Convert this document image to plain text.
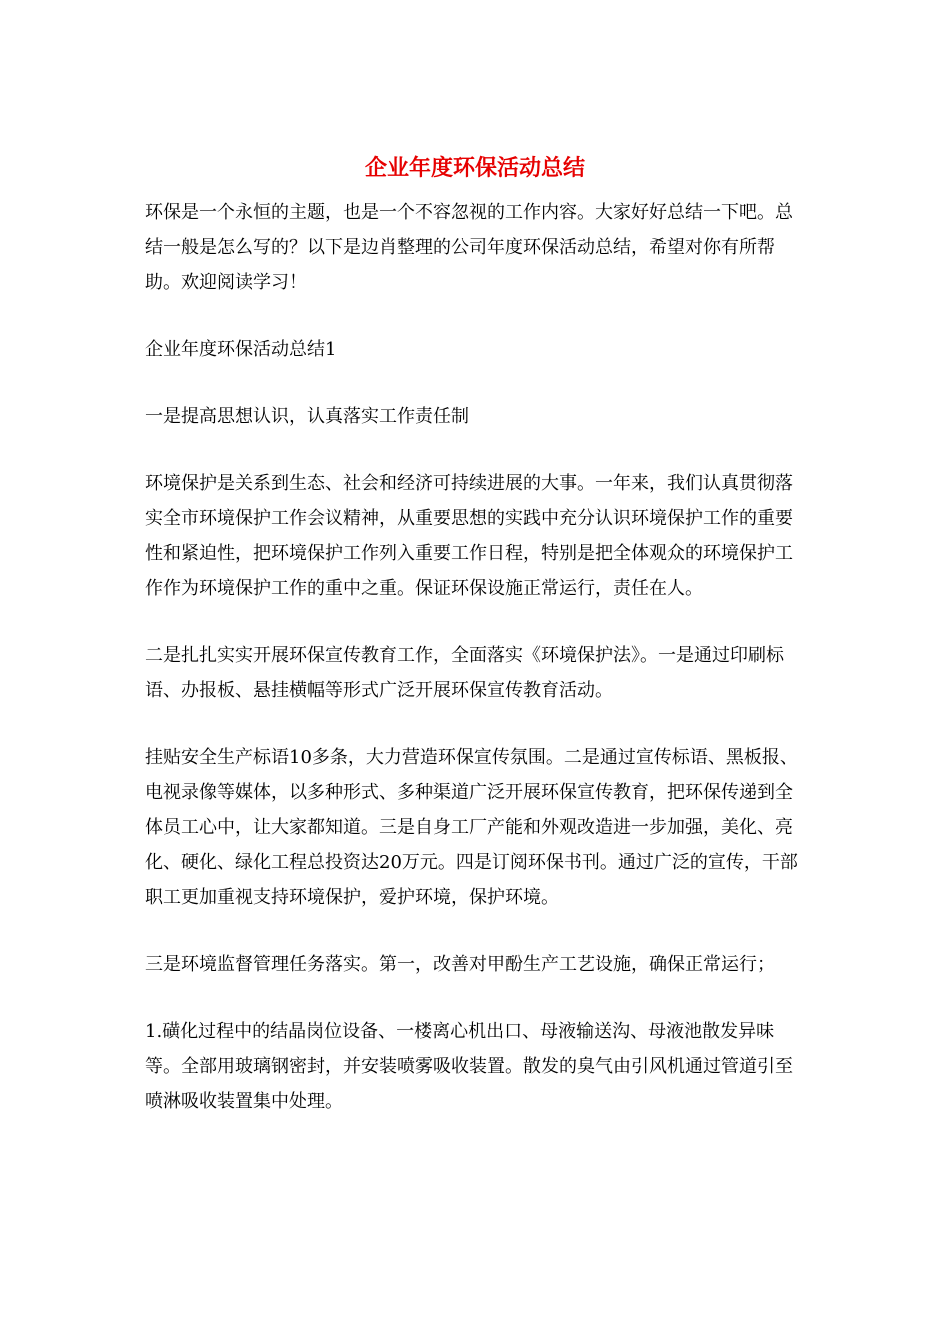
企业年度环保活动总结

环保是一个永恒的主题，也是一个不容忽视的工作内容。大家好好总结一下吧。总结一般是怎么写的？以下是边肖整理的公司年度环保活动总结，希望对你有所帮助。欢迎阅读学习！

企业年度环保活动总结1

一是提高思想认识，认真落实工作责任制

环境保护是关系到生态、社会和经济可持续进展的大事。一年来，我们认真贯彻落实全市环境保护工作会议精神，从重要思想的实践中充分认识环境保护工作的重要性和紧迫性，把环境保护工作列入重要工作日程，特别是把全体观众的环境保护工作作为环境保护工作的重中之重。保证环保设施正常运行，责任在人。

二是扎扎实实开展环保宣传教育工作，全面落实《环境保护法》。一是通过印刷标语、办报板、悬挂横幅等形式广泛开展环保宣传教育活动。

挂贴安全生产标语10多条，大力营造环保宣传氛围。二是通过宣传标语、黑板报、电视录像等媒体，以多种形式、多种渠道广泛开展环保宣传教育，把环保传递到全体员工心中，让大家都知道。三是自身工厂产能和外观改造进一步加强，美化、亮化、硬化、绿化工程总投资达20万元。四是订阅环保书刊。通过广泛的宣传，干部职工更加重视支持环境保护，爱护环境，保护环境。

三是环境监督管理任务落实。第一，改善对甲酚生产工艺设施，确保正常运行；

1.磺化过程中的结晶岗位设备、一楼离心机出口、母液输送沟、母液池散发异味等。全部用玻璃钢密封，并安装喷雾吸收装置。散发的臭气由引风机通过管道引至喷淋吸收装置集中处理。
